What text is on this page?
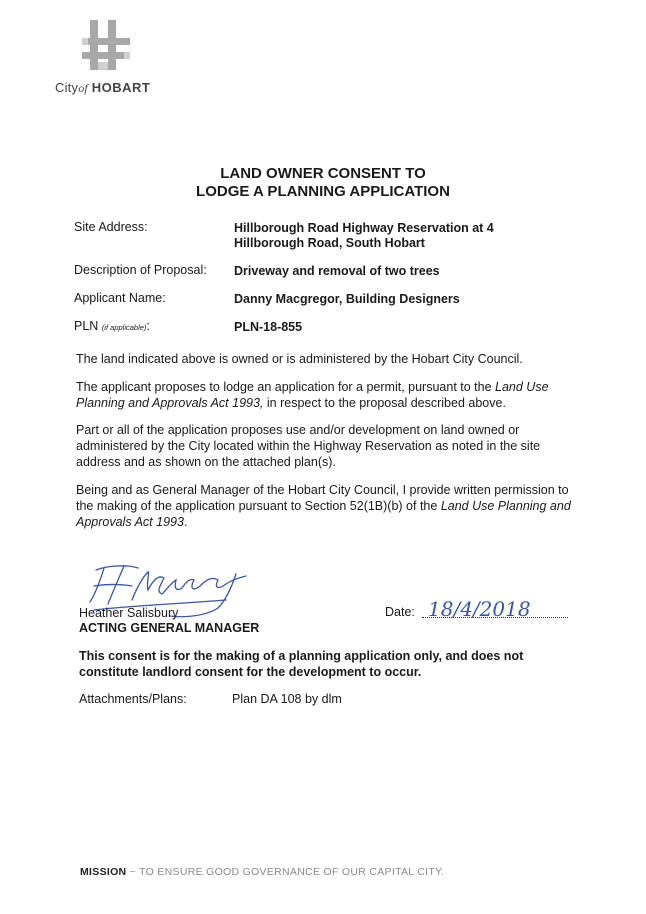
Cityof HOBART
LAND OWNER CONSENT TO
LODGE A PLANNING APPLICATION
Site Address:	Hillborough Road Highway Reservation at 4
Hillborough Road, South Hobart
Description of Proposal: Driveway and removal of two trees
Applicant Name:	Danny Macgregor, Building Designers
PLN (if applicable):	PLN-18-855
The land indicated above is owned or is administered by the Hobart City Council.
The applicant proposes to lodge an application for a permit, pursuant to the Land Use Planning and Approvals Act 1993, in respect to the proposal described above.
Part or all of the application proposes use and/or development on land owned or administered by the City located within the Highway Reservation as noted in the site address and as shown on the attached plan(s).
Being and as General Manager of the Hobart City Council, I provide written permission to the making of the application pursuant to Section 52(1B)(b) of the Land Use Planning and Approvals Act 1993.
Heather Salisbury
ACTING GENERAL MANAGER
Date: 18/4/2018
This consent is for the making of a planning application only, and does not constitute landlord consent for the development to occur.
Attachments/Plans:	Plan DA 108 by dlm
MISSION ~ TO ENSURE GOOD GOVERNANCE OF OUR CAPITAL CITY.
